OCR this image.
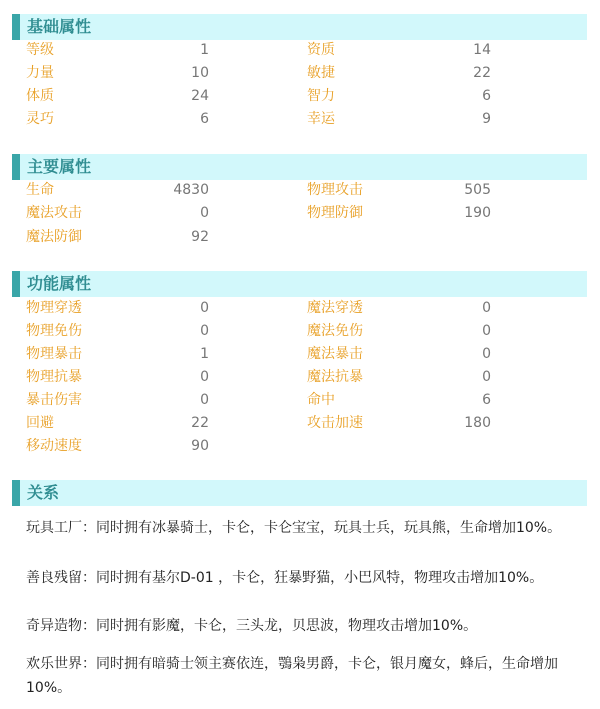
基础属性
等级	1	资质	14
力量	10	敏捷	22
体质	24	智力	6
灵巧	6	幸运	9
主要属性
生命	4830	物理攻击	505
魔法攻击	0	物理防御	190
魔法防御	92
功能属性
物理穿透	0	魔法穿透	0
物理免伤	0	魔法免伤	0
物理暴击	1	魔法暴击	0
物理抗暴	0	魔法抗暴	0
暴击伤害	0	命中	6
回避	22	攻击加速	180
移动速度	90
关系
玩具工厂：同时拥有冰暴骑士，卡仑，卡仑宝宝，玩具士兵，玩具熊，生命增加10%。
善良残留：同时拥有基尔D-01 ，卡仑，狂暴野猫，小巴风特，物理攻击增加10%。
奇异造物：同时拥有影魔，卡仑，三头龙，贝思波，物理攻击增加10%。
欢乐世界：同时拥有暗骑士领主赛依连，鶚枭男爵，卡仑，银月魔女，蜂后，生命增加10%。
